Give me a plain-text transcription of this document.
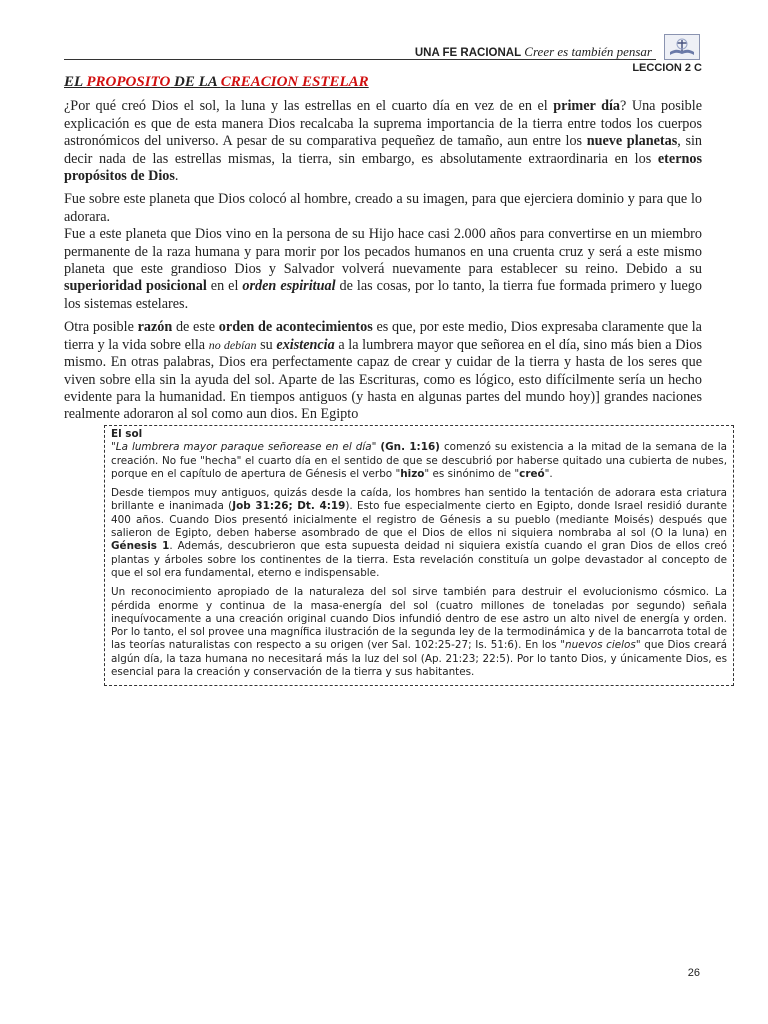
UNA FE RACIONAL Creer es también pensar
LECCION 2 C
EL PROPOSITO DE LA CREACION ESTELAR

¿Por qué creó Dios el sol, la luna y las estrellas en el cuarto día en vez de en el primer día? Una posible explicación es que de esta manera Dios recalcaba la suprema importancia de la tierra entre todos los cuerpos astronómicos del universo. A pesar de su comparativa pequeñez de tamaño, aun entre los nueve planetas, sin decir nada de las estrellas mismas, la tierra, sin embargo, es absolutamente extraordinaria en los eternos propósitos de Dios.

Fue sobre este planeta que Dios colocó al hombre, creado a su imagen, para que ejerciera dominio y para que lo adorara.

Fue a este planeta que Dios vino en la persona de su Hijo hace casi 2.000 años para convertirse en un miembro permanente de la raza humana y para morir por los pecados humanos en una cruenta cruz y será a este mismo planeta que este grandioso Dios y Salvador volverá nuevamente para establecer su reino. Debido a su superioridad posicional en el orden espiritual de las cosas, por lo tanto, la tierra fue formada primero y luego los sistemas estelares.

Otra posible razón de este orden de acontecimientos es que, por este medio, Dios expresaba claramente que la tierra y la vida sobre ella no debían su existencia a la lumbrera mayor que señorea en el día, sino más bien a Dios mismo. En otras palabras, Dios era perfectamente capaz de crear y cuidar de la tierra y hasta de los seres que viven sobre ella sin la ayuda del sol. Aparte de las Escrituras, como es lógico, esto difícilmente sería un hecho evidente para la humanidad. En tiempos antiguos (y hasta en algunas partes del mundo hoy)] grandes naciones realmente adoraron al sol como aun dios. En Egipto

El sol

"La lumbrera mayor paraque señorease en el día" (Gn. 1:16) comenzó su existencia a la mitad de la semana de la creación. No fue "hecha" el cuarto día en el sentido de que se descubrió por haberse quitado una cubierta de nubes, porque en el capítulo de apertura de Génesis el verbo "hizo" es sinónimo de "creó".

Desde tiempos muy antiguos, quizás desde la caída, los hombres han sentido la tentación de adorara esta criatura brillante e inanimada (Job 31:26; Dt. 4:19). Esto fue especialmente cierto en Egipto, donde Israel residió durante 400 años. Cuando Dios presentó inicialmente el registro de Génesis a su pueblo (mediante Moisés) después que salieron de Egipto, deben haberse asombrado de que el Dios de ellos ni siquiera nombraba al sol (O la luna) en Génesis 1. Además, descubrieron que esta supuesta deidad ni siquiera existía cuando el gran Dios de ellos creó plantas y árboles sobre los continentes de la tierra. Esta revelación constituía un golpe devastador al concepto de que el sol era fundamental, eterno e indispensable.

Un reconocimiento apropiado de la naturaleza del sol sirve también para destruir el evolucionismo cósmico. La pérdida enorme y continua de la masa-energía del sol (cuatro millones de toneladas por segundo) señala inequívocamente a una creación original cuando Dios infundió dentro de ese astro un alto nivel de energía y orden. Por lo tanto, el sol provee una magnífica ilustración de la segunda ley de la termodinámica y de la bancarrota total de las teorías naturalistas con respecto a su origen (ver Sal. 102:25-27; Is. 51:6). En los "nuevos cielos" que Dios creará algún día, la taza humana no necesitará más la luz del sol (Ap. 21:23; 22:5). Por lo tanto Dios, y únicamente Dios, es esencial para la creación y conservación de la tierra y sus habitantes.

26
